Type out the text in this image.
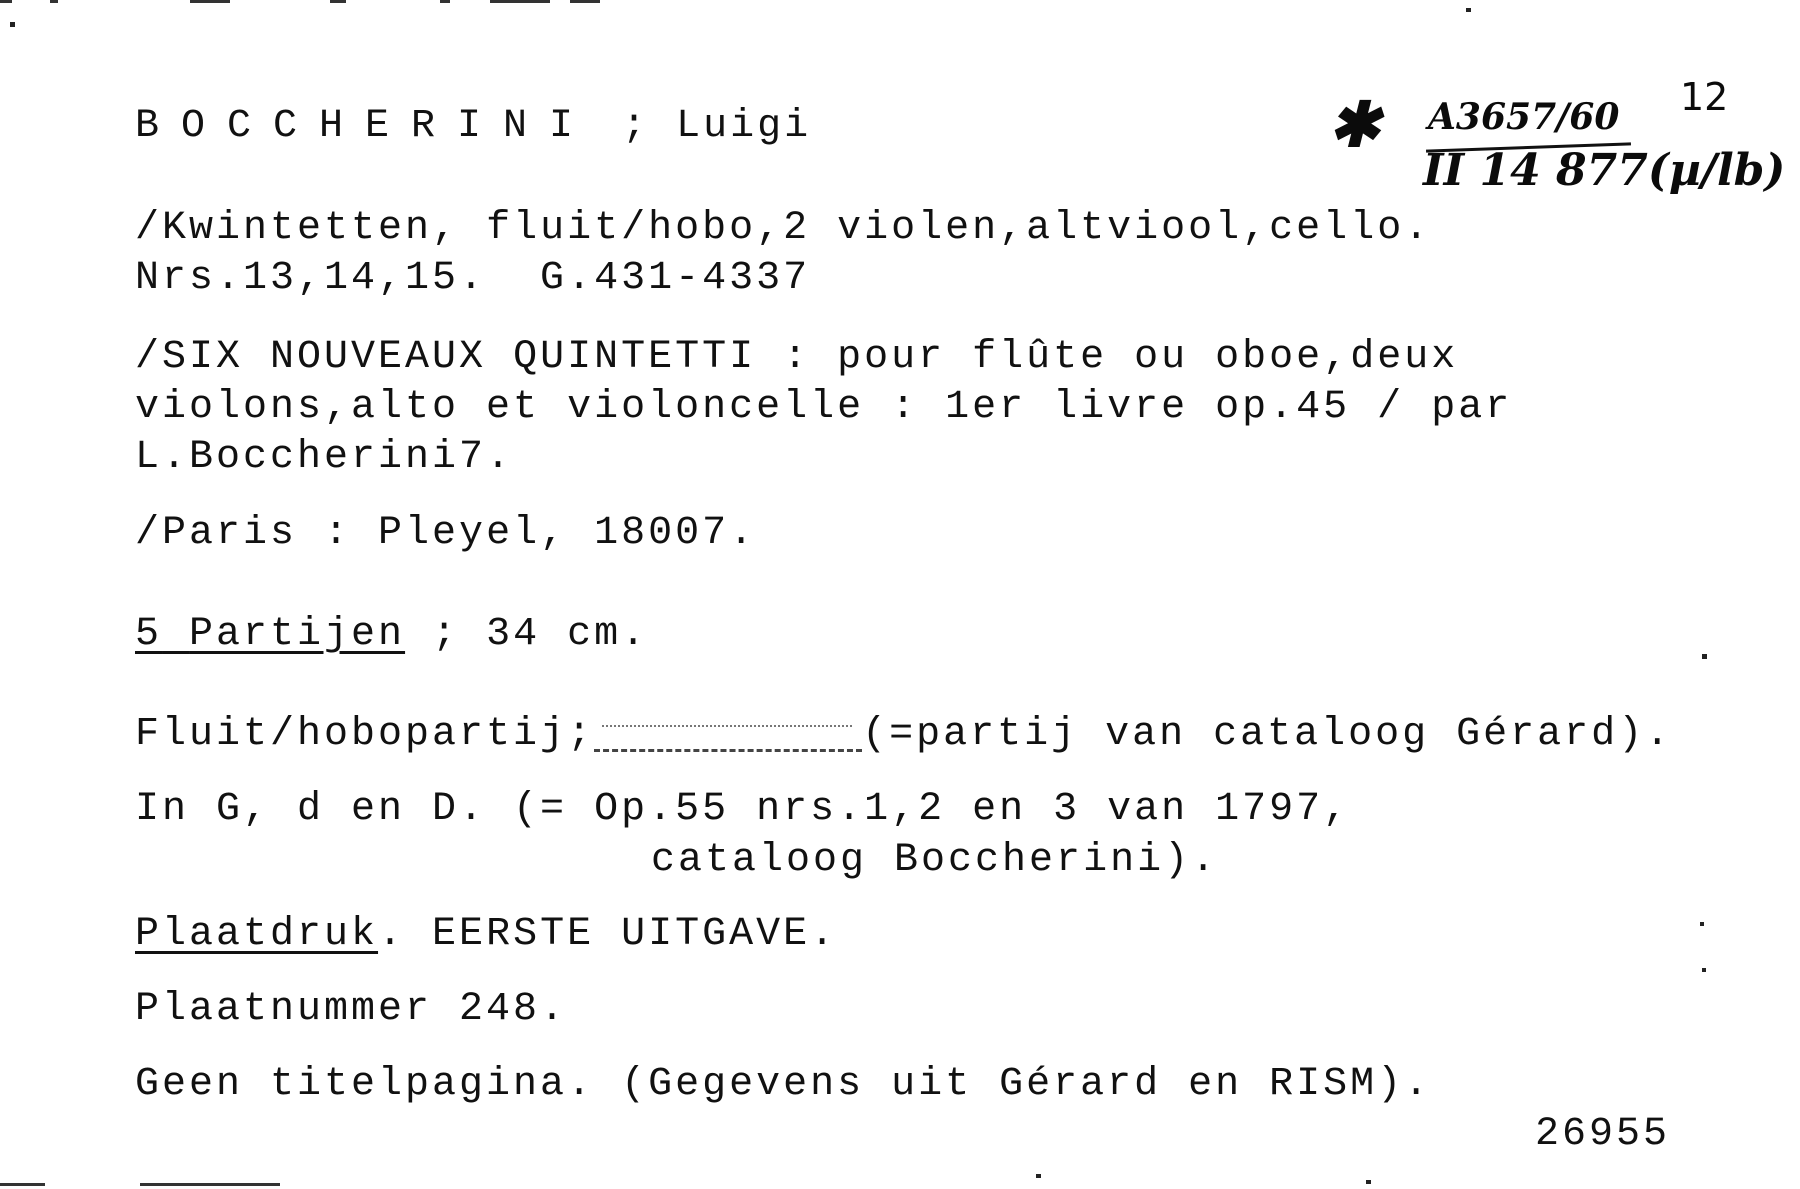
BOCCHERINI ; Luigi	✱ A3657/60
II 14 877(µ/lb)
12
/Kwintetten, fluit/hobo,2 violen,altviool,cello.
Nrs.13,14,15.  G.431-4337
/SIX NOUVEAUX QUINTETTI : pour flûte ou oboe,deux
violons,alto et violoncelle : 1er livre op.45 / par
L.Boccherini7.
/Paris : Pleyel, 18007.
5 Partijen ; 34 cm.
Fluit/hobopartij;	(=partij van cataloog Gérard).
In G, d en D. (= Op.55 nrs.1,2 en 3 van 1797,
cataloog Boccherini).
Plaatdruk. EERSTE UITGAVE.
Plaatnummer 248.
Geen titelpagina. (Gegevens uit Gérard en RISM).
26955
